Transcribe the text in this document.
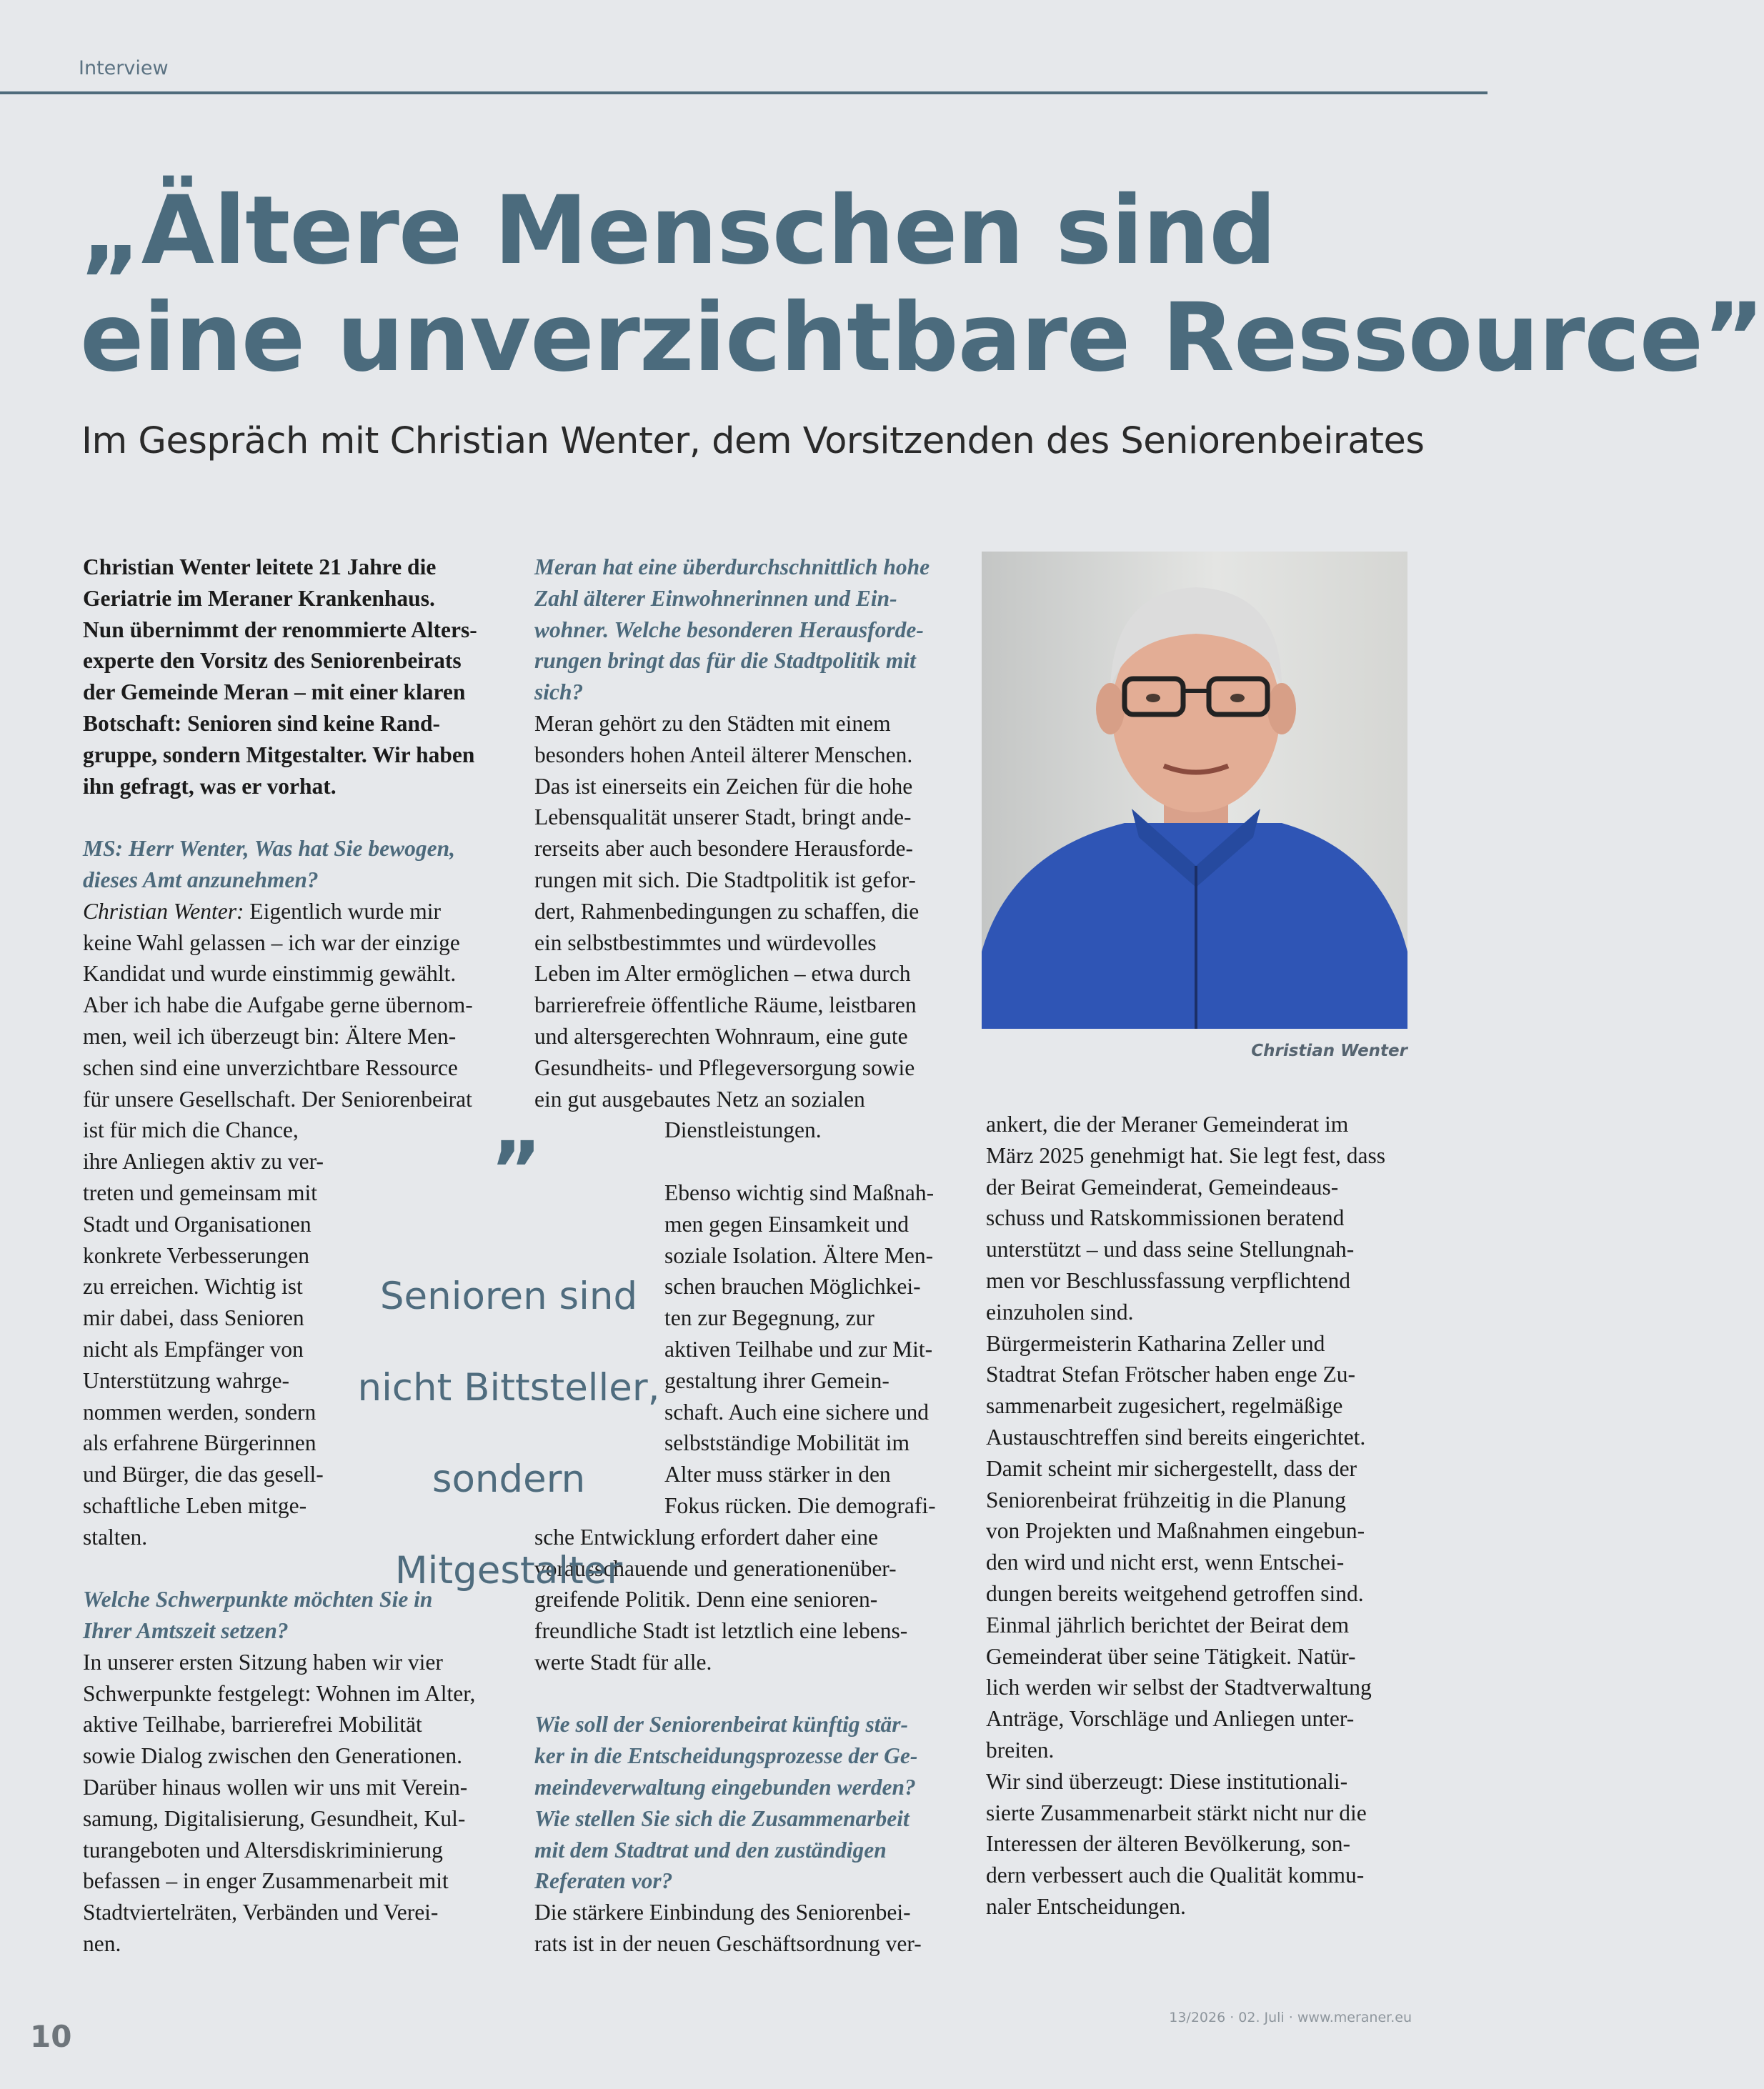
Interview
„Ältere Menschen sind
eine unverzichtbare Ressource”
Im Gespräch mit Christian Wenter, dem Vorsitzenden des Seniorenbeirates

Christian Wenter leitete 21 Jahre die

Geriatrie im Meraner Krankenhaus.

Nun übernimmt der renommierte Alters-

experte den Vorsitz des Seniorenbeirats

der Gemeinde Meran – mit einer klaren

Botschaft: Senioren sind keine Rand-

gruppe, sondern Mitgestalter. Wir haben

ihn gefragt, was er vorhat.

MS: Herr Wenter, Was hat Sie bewogen,

dieses Amt anzunehmen?

Christian Wenter: Eigentlich wurde mir

keine Wahl gelassen – ich war der einzige

Kandidat und wurde einstimmig gewählt.

Aber ich habe die Aufgabe gerne übernom-

men, weil ich überzeugt bin: Ältere Men-

schen sind eine unverzichtbare Ressource

für unsere Gesellschaft. Der Seniorenbeirat

ist für mich die Chance,

ihre Anliegen aktiv zu ver-

treten und gemeinsam mit

Stadt und Organisationen

konkrete Verbesserungen

zu erreichen. Wichtig ist

mir dabei, dass Senioren

nicht als Empfänger von

Unterstützung wahrge-

nommen werden, sondern

als erfahrene Bürgerinnen

und Bürger, die das gesell-

schaftliche Leben mitge-

stalten.

Welche Schwerpunkte möchten Sie in

Ihrer Amtszeit setzen?

In unserer ersten Sitzung haben wir vier

Schwerpunkte festgelegt: Wohnen im Alter,

aktive Teilhabe, barrierefrei Mobilität

sowie Dialog zwischen den Generationen.

Darüber hinaus wollen wir uns mit Verein-

samung, Digitalisierung, Gesundheit, Kul-

turangeboten und Altersdiskriminierung

befassen – in enger Zusammenarbeit mit

Stadtviertelräten, Verbänden und Verei-

nen.

Meran hat eine überdurchschnittlich hohe

Zahl älterer Einwohnerinnen und Ein-

wohner. Welche besonderen Herausforde-

rungen bringt das für die Stadtpolitik mit

sich?

Meran gehört zu den Städten mit einem

besonders hohen Anteil älterer Menschen.

Das ist einerseits ein Zeichen für die hohe

Lebensqualität unserer Stadt, bringt ande-

rerseits aber auch besondere Herausforde-

rungen mit sich. Die Stadtpolitik ist gefor-

dert, Rahmenbedingungen zu schaffen, die

ein selbstbestimmtes und würdevolles

Leben im Alter ermöglichen – etwa durch

barrierefreie öffentliche Räume, leistbaren

und altersgerechten Wohnraum, eine gute

Gesundheits- und Pflegeversorgung sowie

ein gut ausgebautes Netz an sozialen

Dienstleistungen.

Ebenso wichtig sind Maßnah-

men gegen Einsamkeit und

soziale Isolation. Ältere Men-

schen brauchen Möglichkei-

ten zur Begegnung, zur

aktiven Teilhabe und zur Mit-

gestaltung ihrer Gemein-

schaft. Auch eine sichere und

selbstständige Mobilität im

Alter muss stärker in den

Fokus rücken. Die demografi-

sche Entwicklung erfordert daher eine

vorausschauende und generationenüber-

greifende Politik. Denn eine senioren-

freundliche Stadt ist letztlich eine lebens-

werte Stadt für alle.

Wie soll der Seniorenbeirat künftig stär-

ker in die Entscheidungsprozesse der Ge-

meindeverwaltung eingebunden werden?

Wie stellen Sie sich die Zusammenarbeit

mit dem Stadtrat und den zuständigen

Referaten vor?

Die stärkere Einbindung des Seniorenbei-

rats ist in der neuen Geschäftsordnung ver-

ankert, die der Meraner Gemeinderat im

März 2025 genehmigt hat. Sie legt fest, dass

der Beirat Gemeinderat, Gemeindeaus-

schuss und Ratskommissionen beratend

unterstützt – und dass seine Stellungnah-

men vor Beschlussfassung verpflichtend

einzuholen sind.

Bürgermeisterin Katharina Zeller und

Stadtrat Stefan Frötscher haben enge Zu-

sammenarbeit zugesichert, regelmäßige

Austauschtreffen sind bereits eingerichtet.

Damit scheint mir sichergestellt, dass der

Seniorenbeirat frühzeitig in die Planung

von Projekten und Maßnahmen eingebun-

den wird und nicht erst, wenn Entschei-

dungen bereits weitgehend getroffen sind.

Einmal jährlich berichtet der Beirat dem

Gemeinderat über seine Tätigkeit. Natür-

lich werden wir selbst der Stadtverwaltung

Anträge, Vorschläge und Anliegen unter-

breiten.

Wir sind überzeugt: Diese institutionali-

sierte Zusammenarbeit stärkt nicht nur die

Interessen der älteren Bevölkerung, son-

dern verbessert auch die Qualität kommu-

naler Entscheidungen.

Christian Wenter
”

Senioren sind

nicht Bittsteller,

sondern

Mitgestalter

13/2026 · 02. Juli · www.meraner.eu
10
